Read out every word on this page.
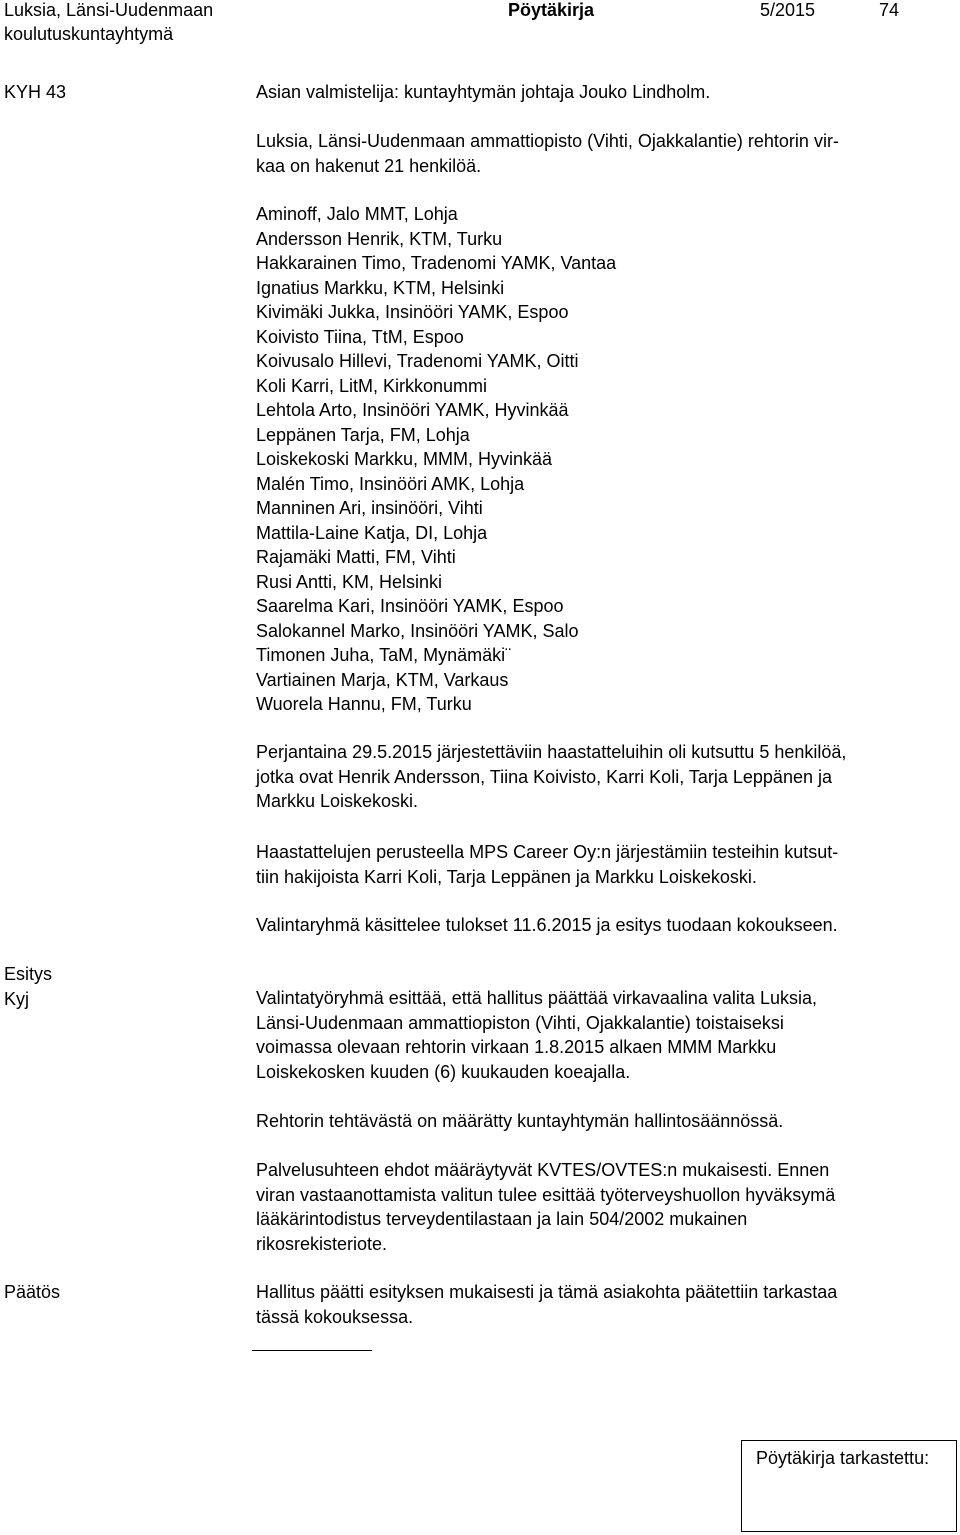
Luksia, Länsi-Uudenmaan
koulutuskuntayhtymä
Pöytäkirja	5/2015	74
KYH 43	Asian valmistelija: kuntayhtymän johtaja Jouko Lindholm.
Luksia, Länsi-Uudenmaan ammattiopisto (Vihti, Ojakkalantie) rehtorin vir-
kaa on hakenut 21 henkilöä.
Aminoff, Jalo MMT, Lohja
Andersson Henrik, KTM, Turku
Hakkarainen Timo, Tradenomi YAMK, Vantaa
Ignatius Markku, KTM, Helsinki
Kivimäki Jukka, Insinööri YAMK, Espoo
Koivisto Tiina, TtM, Espoo
Koivusalo Hillevi, Tradenomi YAMK, Oitti
Koli Karri, LitM, Kirkkonummi
Lehtola Arto, Insinööri YAMK, Hyvinkää
Leppänen Tarja, FM, Lohja
Loiskekoski Markku, MMM, Hyvinkää
Malén Timo, Insinööri AMK, Lohja
Manninen Ari, insinööri, Vihti
Mattila-Laine Katja, DI, Lohja
Rajamäki Matti, FM, Vihti
Rusi Antti, KM, Helsinki
Saarelma Kari, Insinööri YAMK, Espoo
Salokannel Marko, Insinööri YAMK, Salo
Timonen Juha, TaM, Mynämäki¨
Vartiainen Marja, KTM, Varkaus
Wuorela Hannu, FM, Turku
Perjantaina 29.5.2015 järjestettäviin haastatteluihin oli kutsuttu 5 henkilöä,
jotka ovat Henrik Andersson, Tiina Koivisto, Karri Koli, Tarja Leppänen ja
Markku Loiskekoski.
Haastattelujen perusteella MPS Career Oy:n järjestämiin testeihin kutsut-
tiin hakijoista Karri Koli, Tarja Leppänen ja Markku Loiskekoski.
Valintaryhmä käsittelee tulokset 11.6.2015 ja esitys tuodaan kokoukseen.
Esitys
Kyj	Valintatyöryhmä esittää, että hallitus päättää virkavaalina valita Luksia,
Länsi-Uudenmaan ammattiopiston (Vihti, Ojakkalantie) toistaiseksi
voimassa olevaan rehtorin virkaan 1.8.2015 alkaen MMM Markku
Loiskekosken kuuden (6) kuukauden koeajalla.
Rehtorin tehtävästä on määrätty kuntayhtymän hallintosäännössä.
Palvelusuhteen ehdot määräytyvät KVTES/OVTES:n mukaisesti. Ennen
viran vastaanottamista valitun tulee esittää työterveyshuollon hyväksymä
lääkärintodistus terveydentilastaan ja lain 504/2002 mukainen
rikosrekisteriote.
Päätös	Hallitus päätti esityksen mukaisesti ja tämä asiakohta päätettiin tarkastaa
tässä kokouksessa.
Pöytäkirja tarkastettu:
